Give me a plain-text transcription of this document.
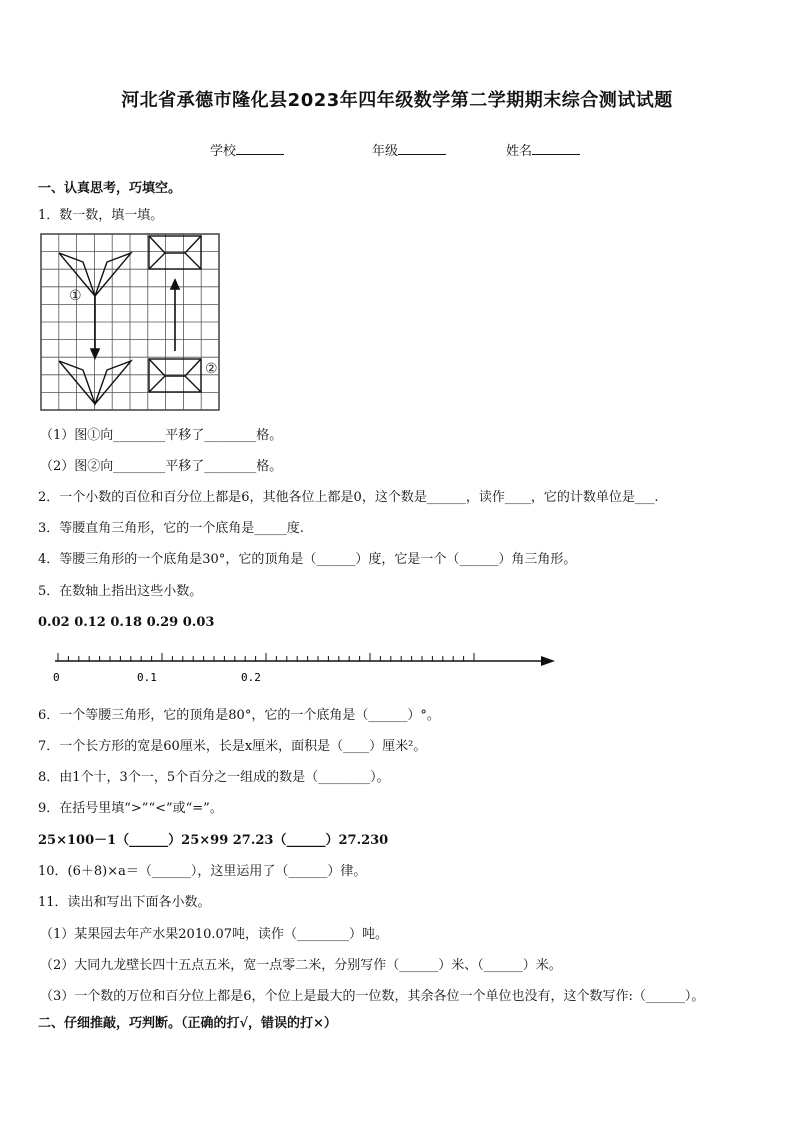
河北省承德市隆化县2023年四年级数学第二学期期末综合测试试题
学校	年级	姓名
一、认真思考，巧填空。
1．数一数，填一填。
①
②
（1）图①向________平移了________格。
（2）图②向________平移了________格。
2．一个小数的百位和百分位上都是6，其他各位上都是0，这个数是______，读作____，它的计数单位是___.
3．等腰直角三角形，它的一个底角是_____度.
4．等腰三角形的一个底角是30°，它的顶角是（______）度，它是一个（______）角三角形。
5．在数轴上指出这些小数。
0.02 0.12 0.18 0.29 0.03
0	0.1	0.2
6．一个等腰三角形，它的顶角是80°，它的一个底角是（______）°。
7．一个长方形的宽是60厘米，长是x厘米，面积是（____）厘米²。
8．由1个十，3个一，5个百分之一组成的数是（________）。
9．在括号里填“>”“<”或“=”。
25×100－1（______）25×99 27.23（______）27.230
10．(6＋8)×a＝（______），这里运用了（______）律。
11．读出和写出下面各小数。
（1）某果园去年产水果2010.07吨，读作（________）吨。
（2）大同九龙壁长四十五点五米，宽一点零二米，分别写作（______）米、（______）米。
（3）一个数的万位和百分位上都是6，个位上是最大的一位数，其余各位一个单位也没有，这个数写作:（______）。
二、仔细推敲，巧判断。（正确的打√，错误的打×）
